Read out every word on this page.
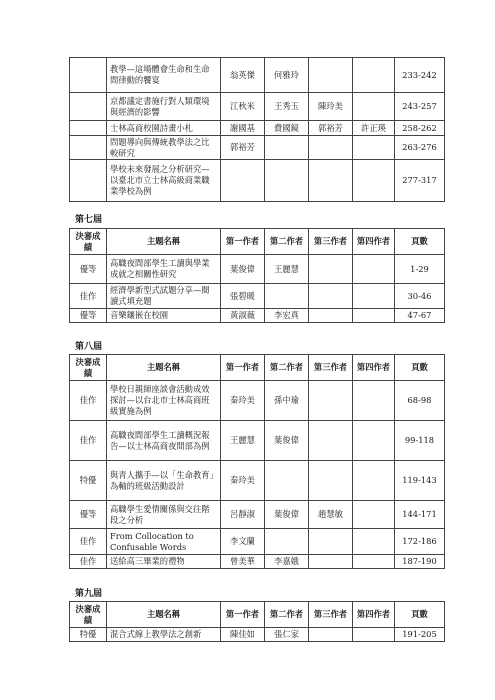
	教學—這場體會生命和生命間律動的饗宴	翁英傑	何雅玲			233-242
	京都議定書施行對人類環境與經濟的影響	江秋米	王秀玉	陳玲美		243-257
	士林高商校園詩畫小札	謝國基	費國鏡	郭裕芳	許正瑛	258-262
	問題導向與傳統教學法之比較研究	郭裕芳				263-276
	學校未來發展之分析研究—以臺北市立士林高級商業職業學校為例					277-317
第七屆
決審成績	主題名稱	第一作者	第二作者	第三作者	第四作者	頁數
優等	高職夜間部學生工讀與學業成就之相關性研究	葉俊偉	王麗慧			1-29
佳作	經濟學新型式試題分享—閱讀式填充題	張碧暖				30-46
優等	音樂鑲嵌在校園	黃淑薇	李宏真			47-67
第八屆
決審成績	主題名稱	第一作者	第二作者	第三作者	第四作者	頁數
佳作	學校日親師座談會活動成效探討—以台北市士林高商班級實施為例	秦玲美	孫中瑜			68-98
佳作	高職夜間部學生工讀概況報告—以士林高商夜間部為例	王麗慧	葉俊偉			99-118
特優	與青人攜手—以「生命教育」為軸的班級活動設計	秦玲美				119-143
優等	高職學生愛情關係與交往階段之分析	呂靜淑	葉俊偉	趙慧敏		144-171
佳作	From Collocation to Confusable Words	李文蘭				172-186
佳作	送給高三畢業的禮物	曾美華	李嘉娥			187-190
第九屆
決審成績	主題名稱	第一作者	第二作者	第三作者	第四作者	頁數
特優	混合式線上教學法之創新	陳佳如	張仁家			191-205
